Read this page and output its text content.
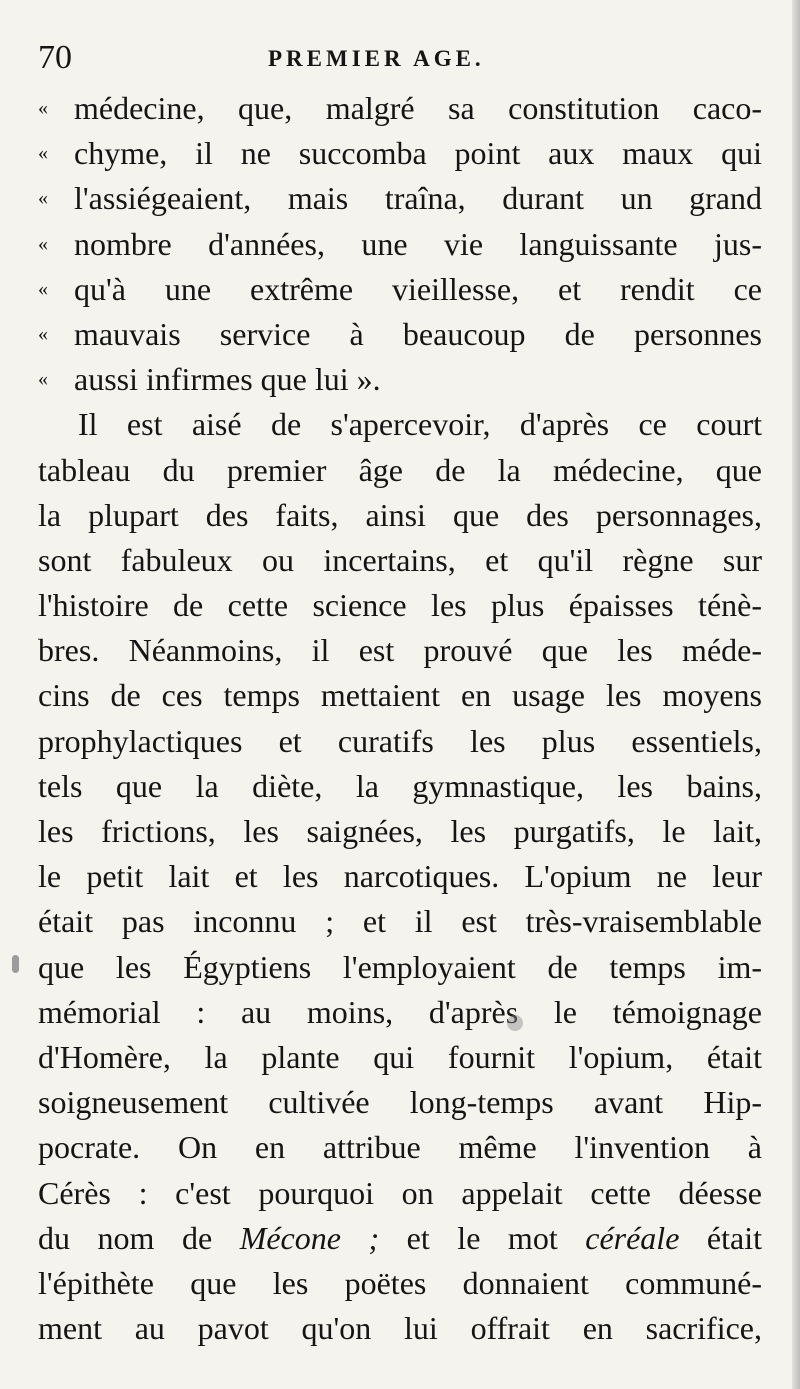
70	PREMIER AGE.
« médecine, que, malgré sa constitution caco-
« chyme, il ne succomba point aux maux qui
« l'assiégeaient, mais traîna, durant un grand
« nombre d'années, une vie languissante jus-
« qu'à une extrême vieillesse, et rendit ce
« mauvais service à beaucoup de personnes
« aussi infirmes que lui ».
Il est aisé de s'apercevoir, d'après ce court
tableau du premier âge de la médecine, que
la plupart des faits, ainsi que des personnages,
sont fabuleux ou incertains, et qu'il règne sur
l'histoire de cette science les plus épaisses ténè-
bres. Néanmoins, il est prouvé que les méde-
cins de ces temps mettaient en usage les moyens
prophylactiques et curatifs les plus essentiels,
tels que la diète, la gymnastique, les bains,
les frictions, les saignées, les purgatifs, le lait,
le petit lait et les narcotiques. L'opium ne leur
était pas inconnu ; et il est très-vraisemblable
que les Égyptiens l'employaient de temps im-
mémorial : au moins, d'après le témoignage
d'Homère, la plante qui fournit l'opium, était
soigneusement cultivée long-temps avant Hip-
pocrate. On en attribue même l'invention à
Cérès : c'est pourquoi on appelait cette déesse
du nom de Mécone ; et le mot céréale était
l'épithète que les poëtes donnaient communé-
ment au pavot qu'on lui offrait en sacrifice,
